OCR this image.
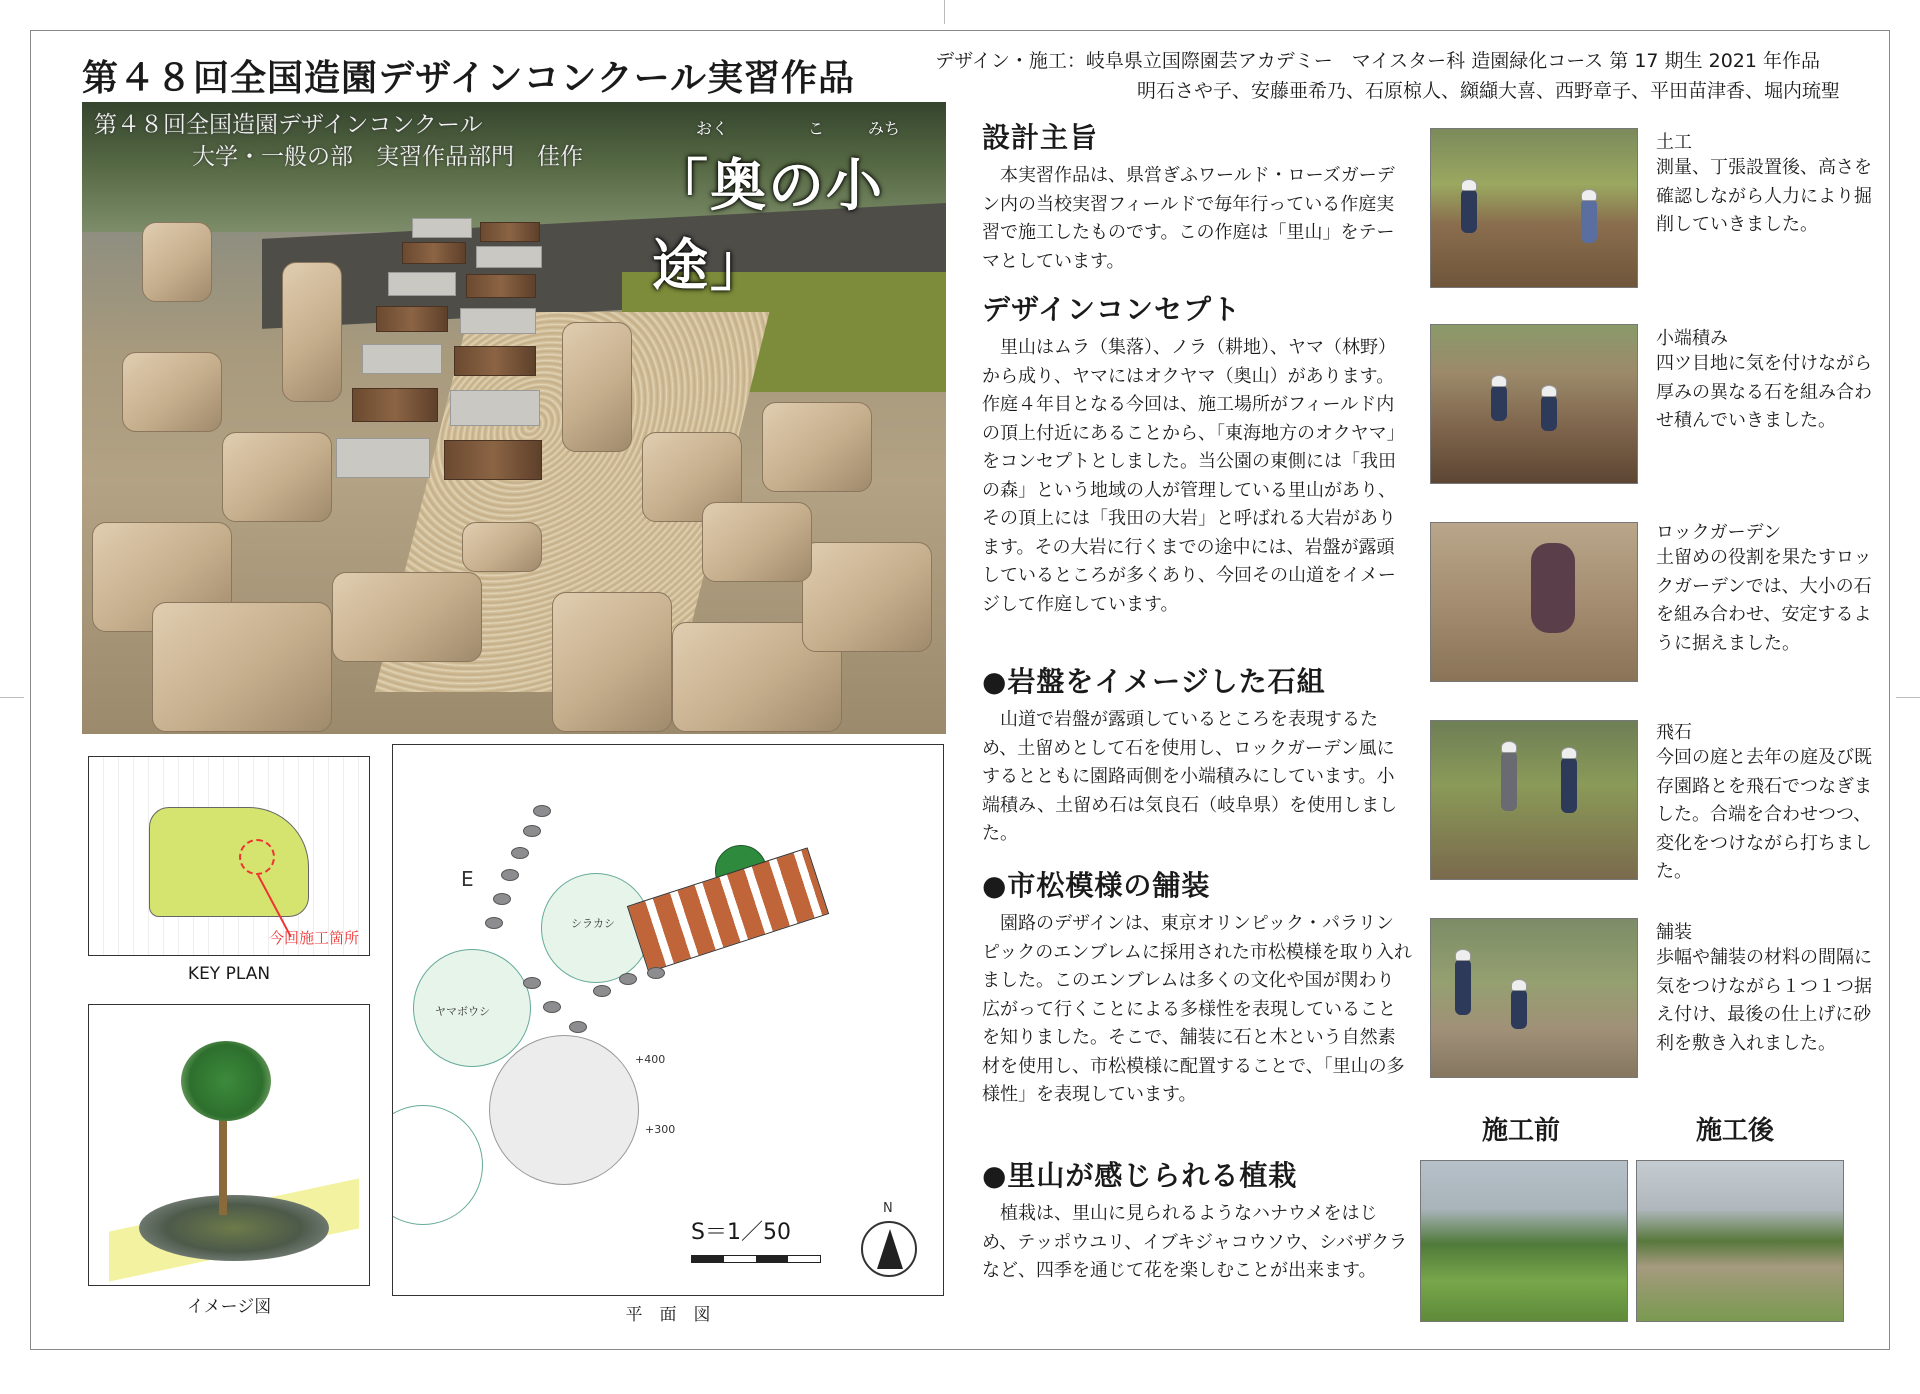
第４８回全国造園デザインコンクール実習作品	デザイン・施工：岐阜県立国際園芸アカデミー　マイスター科 造園緑化コース 第 17 期生 2021 年作品
明石さや子、安藤亜希乃、石原椋人、纐纈大喜、西野章子、平田苗津香、堀内琉聖
第４８回全国造園デザインコンクール
大学・一般の部　実習作品部門　佳作
おく	こ	みち
「奥の小途」
今回施工箇所
KEY PLAN
イメージ図
シラカシ
ヤマボウシ
E
+400
+300
S＝1／50
N
平　面　図
設計主旨
本実習作品は、県営ぎふワールド・ローズガーデン内の当校実習フィールドで毎年行っている作庭実習で施工したものです。この作庭は「里山」をテーマとしています。
デザインコンセプト
里山はムラ（集落）、ノラ（耕地）、ヤマ（林野）から成り、ヤマにはオクヤマ（奥山）があります。作庭４年目となる今回は、施工場所がフィールド内の頂上付近にあることから、「東海地方のオクヤマ」をコンセプトとしました。当公園の東側には「我田の森」という地域の人が管理している里山があり、その頂上には「我田の大岩」と呼ばれる大岩があります。その大岩に行くまでの途中には、岩盤が露頭しているところが多くあり、今回その山道をイメージして作庭しています。
●岩盤をイメージした石組
山道で岩盤が露頭しているところを表現するため、土留めとして石を使用し、ロックガーデン風にするとともに園路両側を小端積みにしています。小端積み、土留め石は気良石（岐阜県）を使用しました。
●市松模様の舗装
園路のデザインは、東京オリンピック・パラリンピックのエンブレムに採用された市松模様を取り入れました。このエンブレムは多くの文化や国が関わり広がって行くことによる多様性を表現していることを知りました。そこで、舗装に石と木という自然素材を使用し、市松模様に配置することで、「里山の多様性」を表現しています。
●里山が感じられる植栽
植栽は、里山に見られるようなハナウメをはじめ、テッポウユリ、イブキジャコウソウ、シバザクラなど、四季を通じて花を楽しむことが出来ます。
土工
測量、丁張設置後、高さを確認しながら人力により掘削していきました。
小端積み
四ツ目地に気を付けながら厚みの異なる石を組み合わせ積んでいきました。
ロックガーデン
土留めの役割を果たすロックガーデンでは、大小の石を組み合わせ、安定するように据えました。
飛石
今回の庭と去年の庭及び既存園路とを飛石でつなぎました。合端を合わせつつ、変化をつけながら打ちました。
舗装
歩幅や舗装の材料の間隔に気をつけながら１つ１つ据え付け、最後の仕上げに砂利を敷き入れました。
施工前	施工後
